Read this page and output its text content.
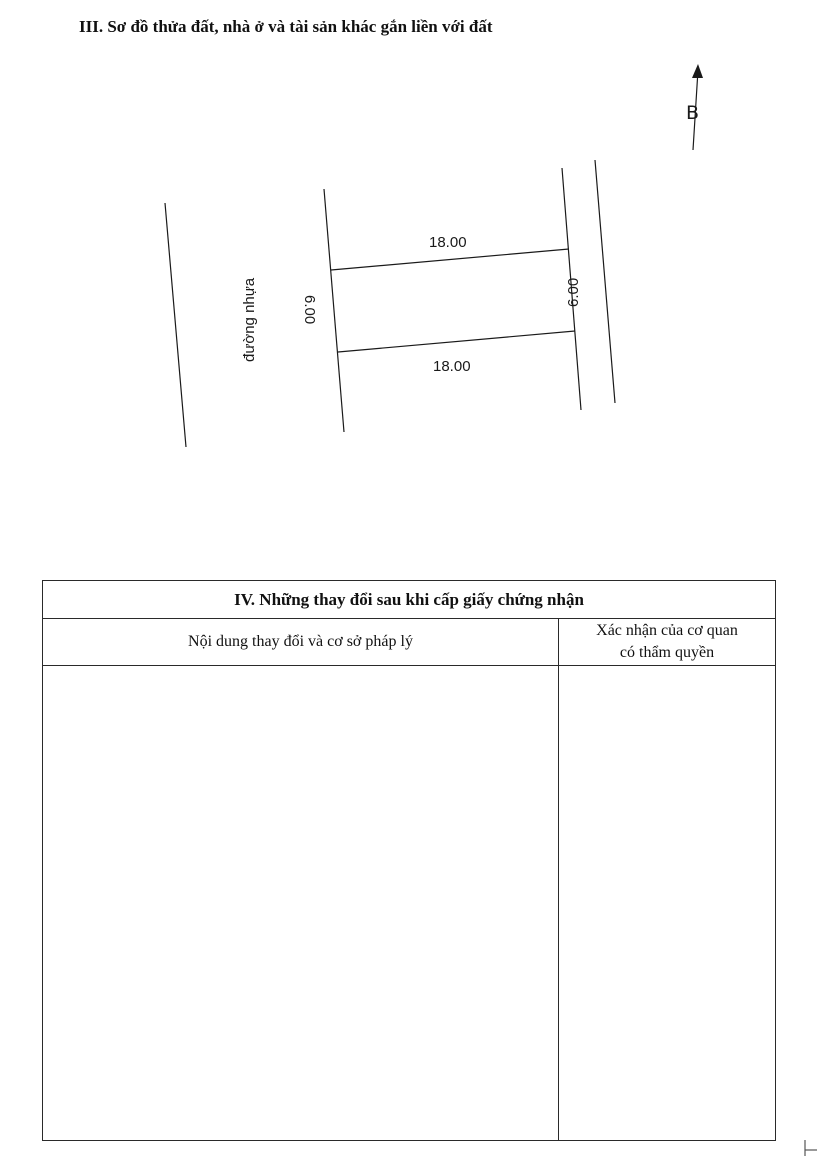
III. Sơ đồ thửa đất, nhà ở và tài sản khác gắn liền với đất
B
đường nhựa
18.00
18.00
6.00
6.00
IV. Những thay đổi sau khi cấp giấy chứng nhận	
Nội dung thay đổi và cơ sở pháp lý	Xác nhận của cơ quan
có thẩm quyền
